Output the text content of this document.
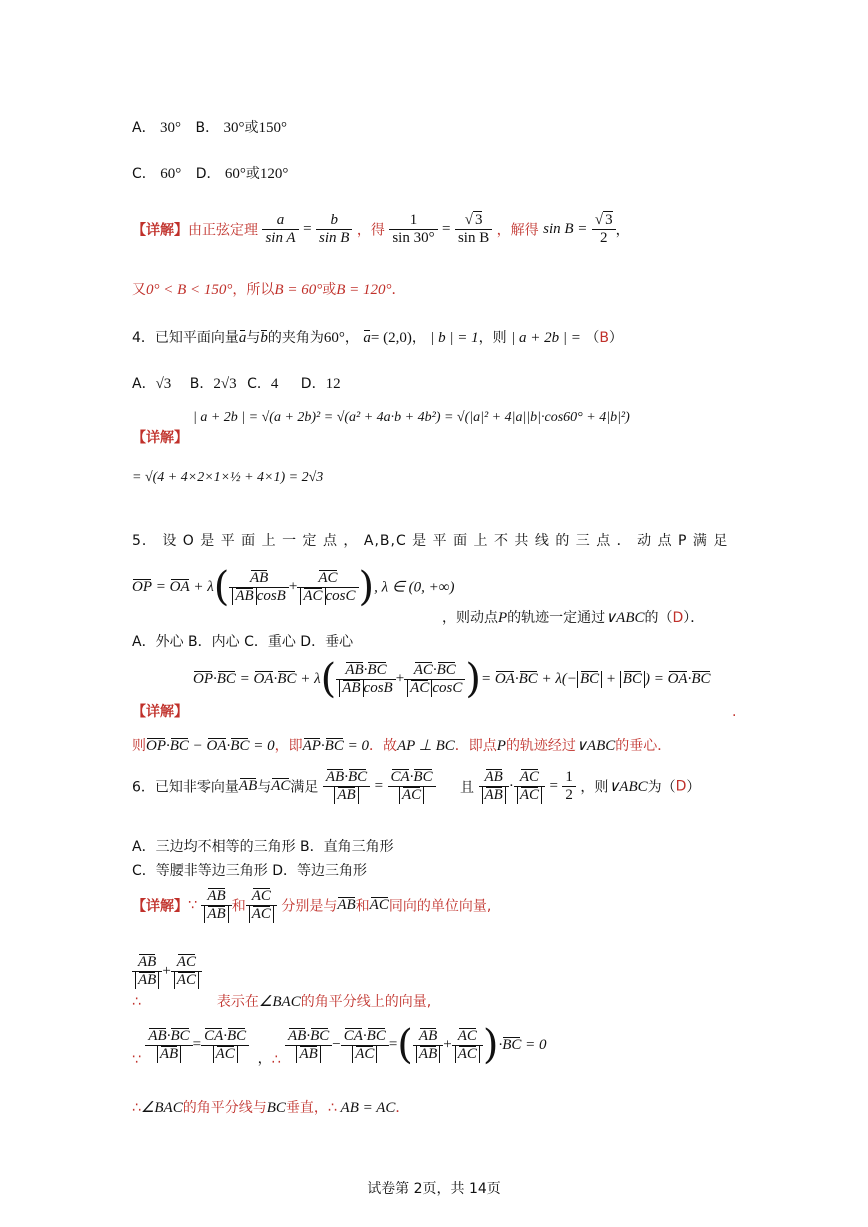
A． 30° B． 30°或150°
C． 60° D． 60°或120°
【详解】由正弦定理 $\frac{a}{\text{sin A}} = \frac{b}{\text{sin B}}$ ，得 $\frac{1}{\sin 30^\circ} = \frac{√ 3}{\text{sin B}}$ ，解得 $\sin B = \frac{√ 3}{2}$ ，
又0° < B < 150°，所以B = 60°或B = 120°．
4．已知平面向量a与b的夹角为60°， a= (2,0)， | b | = 1，则 | a + 2b | = （B）
A．√3 B．2√3 C．4 D．12
【详解】
| a + 2b | = √(a + 2b)² = √(a² + 4a·b + 4b²) = √(|a|² + 4|a||b|·cos60° + 4|b|²)
= √(4 + 4×2×1×½ + 4×1) = 2√3
5． 设 O 是 平 面 上 一 定 点 ， A,B,C 是 平 面 上 不 共 线 的 三 点 ． 动 点 P 满 足
OP = OA + $\lambda( \frac{AB}{\text{AB cosB}} + \frac{AC}{\text{AC cosC}}$ ), λ ∈ (0, +∞)
，则动点P的轨迹一定通过∨ABC的（D）．
A．外心 B．内心 C．重心 D．垂心
$OP\cdot BC = OA\cdot BC + \lambda( \frac{AB\cdot BC}{\text{AB cosB}} + \frac{AC\cdot BC}{\text{AC cosC}}$ )= OA·BC + λ(− BC + BC ) = OA·BC
【详解】	.
则OP·BC − OA·BC = 0，即AP·BC = 0．故AP ⊥ BC．即点P的轨迹经过∨ABC的垂心．
6．已知非零向量AB与AC满足 $\frac{AB\cdot BC}{AB} = \frac{CA\cdot BC}{AC}$ 且 $\frac{AB}{AB} \cdot \frac{AC}{AC} = \frac{1}{2}$ ，则∨ABC为（D）
A．三边均不相等的三角形 B．直角三角形
C．等腰非等边三角形 D．等边三角形
【详解】∵ $\frac{AB}{AB}$ 和 $\frac{AC}{AC}$ 分别是与AB和AC同向的单位向量,
$\frac{AB}{AB} + \frac{AC}{AC}$
∴	表示在∠BAC的角平分线上的向量,
∵ $\frac{AB\cdot BC}{AB} = \frac{CA\cdot BC}{AC}$ ，∴ $\frac{AB\cdot BC}{AB} - \frac{CA\cdot BC}{AC}$ =( $\frac{AB}{AB} + \frac{AC}{AC} )\cdot BC = 0$
∴∠BAC的角平分线与BC垂直，∴ AB = AC．
试卷第 2页，共 14页
